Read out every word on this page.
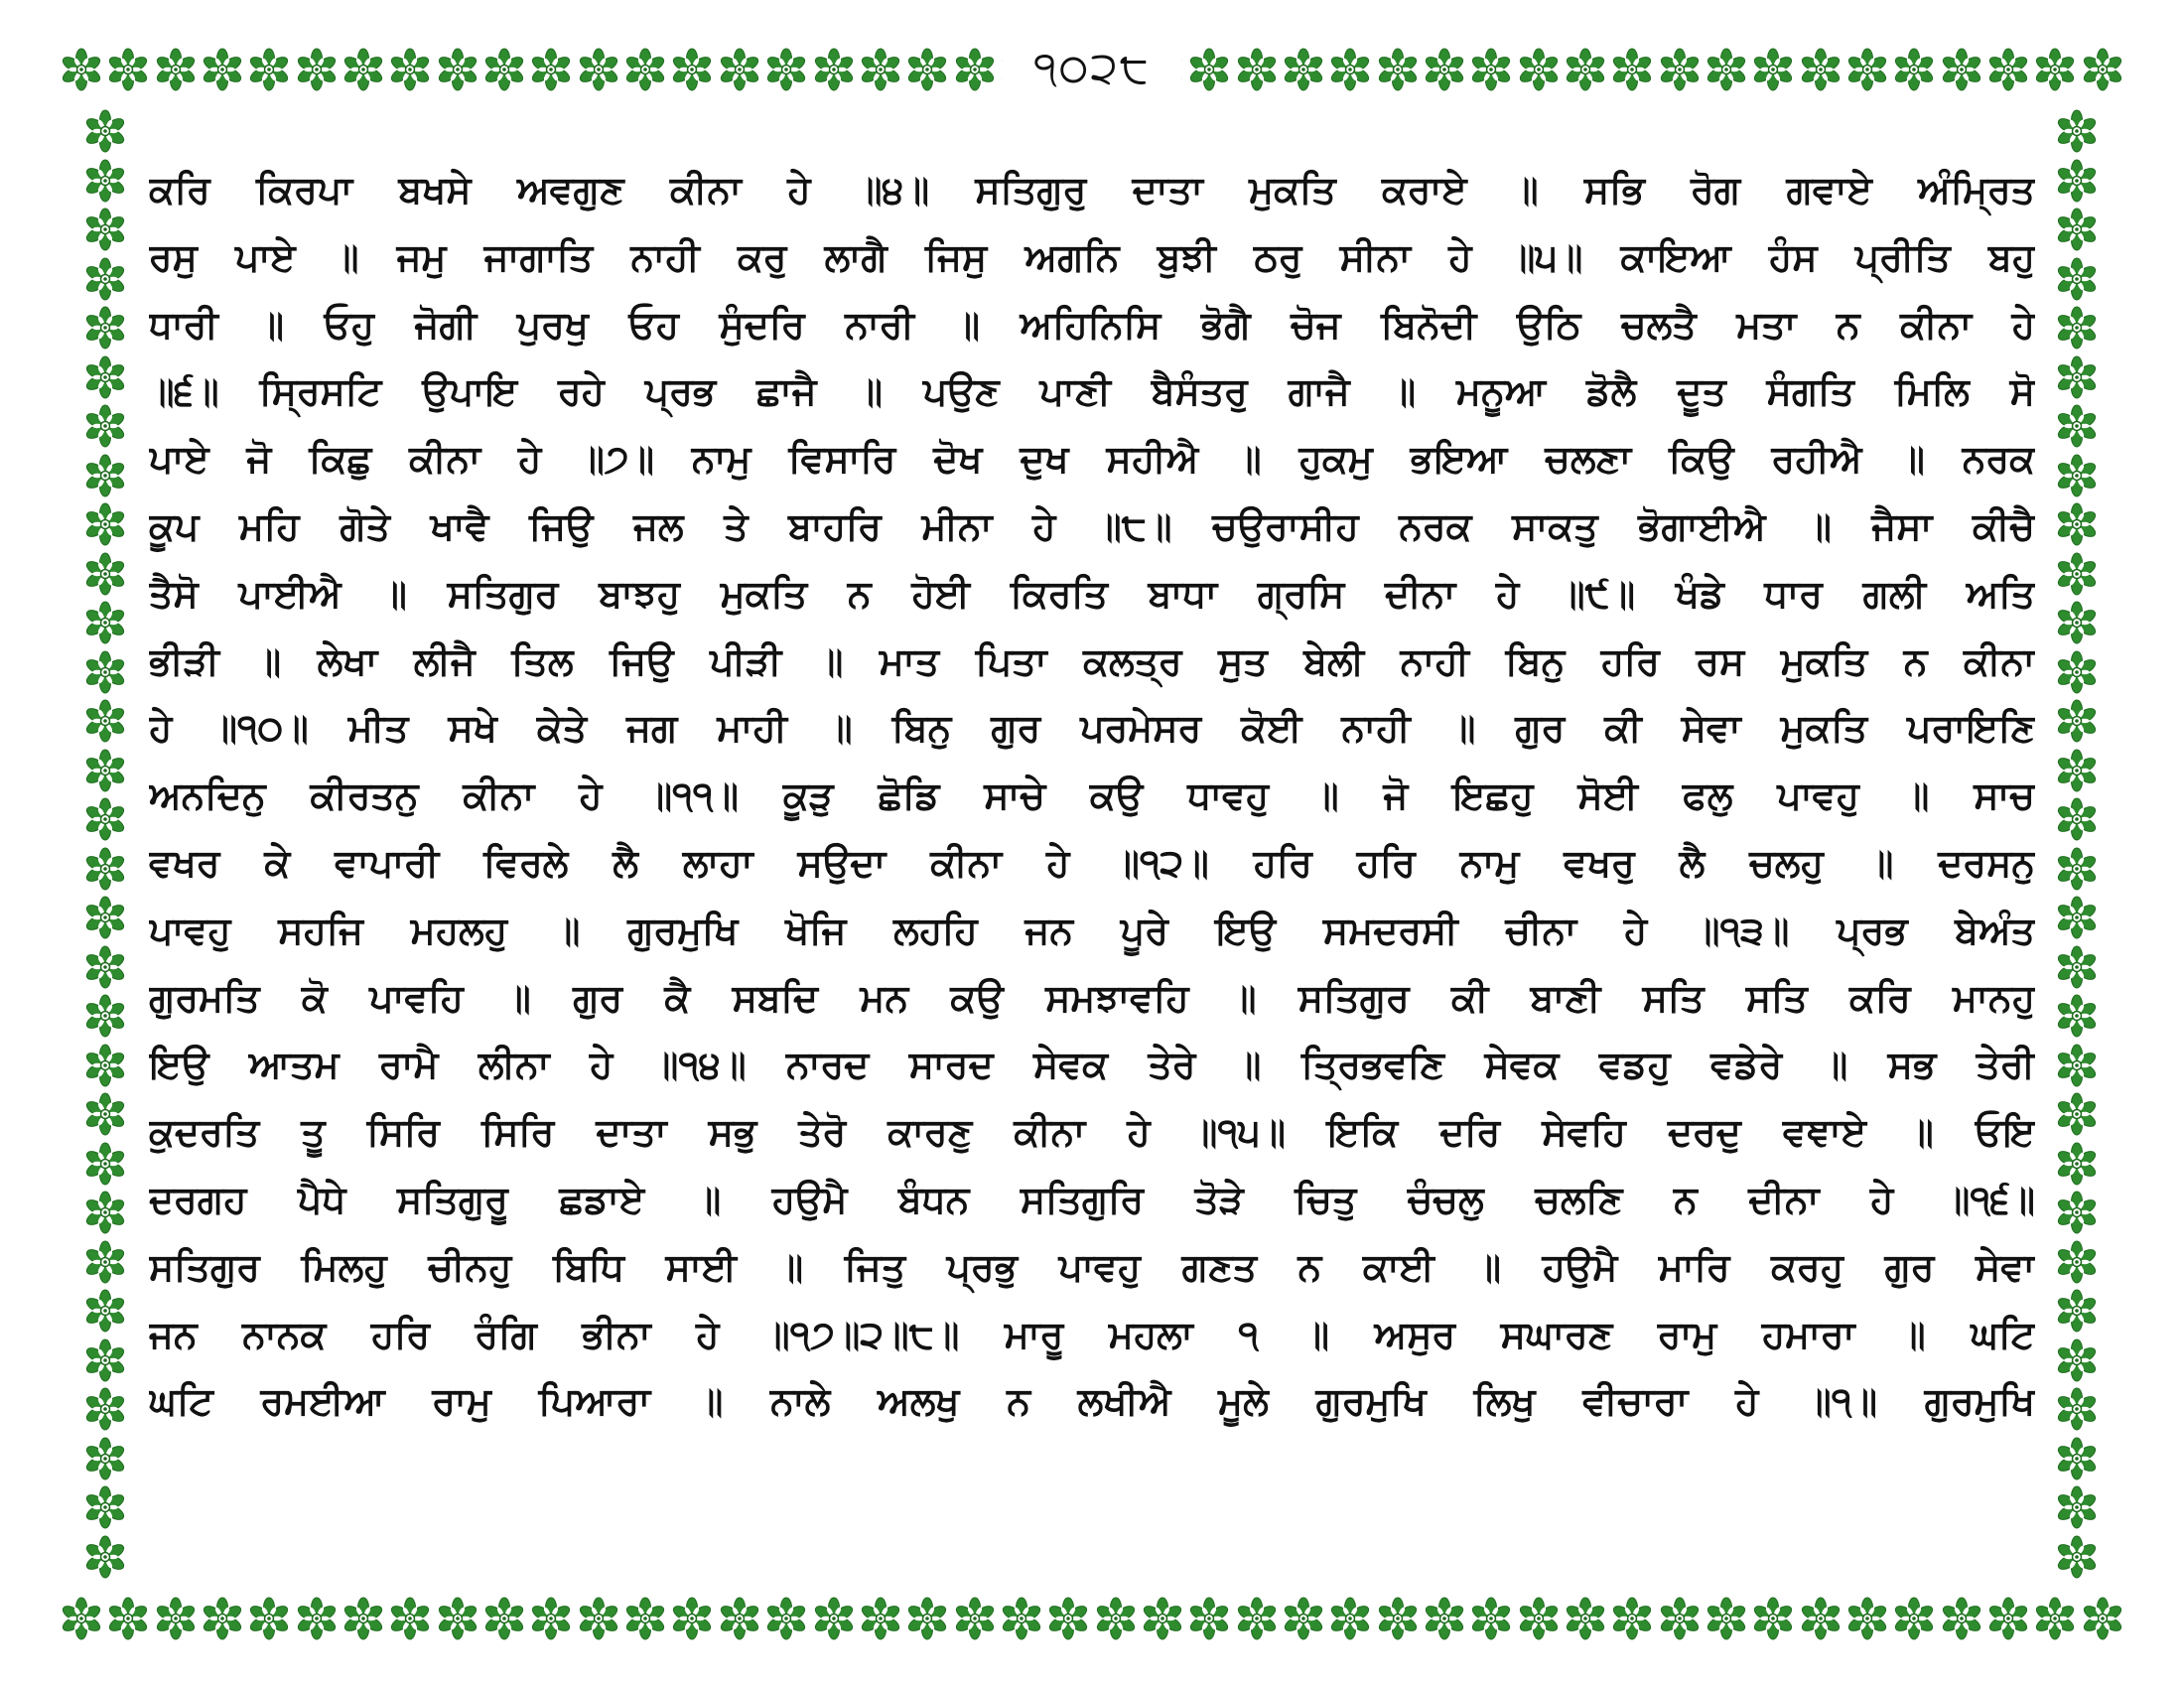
੧੦੨੮
ਕਰਿ ਕਿਰਪਾ ਬਖਸੇ ਅਵਗੁਣ ਕੀਨਾ ਹੇ ॥੪॥ ਸਤਿਗੁਰੁ ਦਾਤਾ ਮੁਕਤਿ ਕਰਾਏ ॥ ਸਭਿ ਰੋਗ ਗਵਾਏ ਅੰਮ੍ਰਿਤ
ਰਸੁ ਪਾਏ ॥ ਜਮੁ ਜਾਗਾਤਿ ਨਾਹੀ ਕਰੁ ਲਾਗੈ ਜਿਸੁ ਅਗਨਿ ਬੁਝੀ ਠਰੁ ਸੀਨਾ ਹੇ ॥੫॥ ਕਾਇਆ ਹੰਸ ਪ੍ਰੀਤਿ ਬਹੁ
ਧਾਰੀ ॥ ਓਹੁ ਜੋਗੀ ਪੁਰਖੁ ਓਹ ਸੁੰਦਰਿ ਨਾਰੀ ॥ ਅਹਿਨਿਸਿ ਭੋਗੈ ਚੋਜ ਬਿਨੋਦੀ ਉਠਿ ਚਲਤੈ ਮਤਾ ਨ ਕੀਨਾ ਹੇ
॥੬॥ ਸ੍ਰਿਸਟਿ ਉਪਾਇ ਰਹੇ ਪ੍ਰਭ ਛਾਜੈ ॥ ਪਉਣ ਪਾਣੀ ਬੈਸੰਤਰੁ ਗਾਜੈ ॥ ਮਨੂਆ ਡੋਲੈ ਦੂਤ ਸੰਗਤਿ ਮਿਲਿ ਸੋ
ਪਾਏ ਜੋ ਕਿਛੁ ਕੀਨਾ ਹੇ ॥੭॥ ਨਾਮੁ ਵਿਸਾਰਿ ਦੋਖ ਦੁਖ ਸਹੀਐ ॥ ਹੁਕਮੁ ਭਇਆ ਚਲਣਾ ਕਿਉ ਰਹੀਐ ॥ ਨਰਕ
ਕੂਪ ਮਹਿ ਗੋਤੇ ਖਾਵੈ ਜਿਉ ਜਲ ਤੇ ਬਾਹਰਿ ਮੀਨਾ ਹੇ ॥੮॥ ਚਉਰਾਸੀਹ ਨਰਕ ਸਾਕਤੁ ਭੋਗਾਈਐ ॥ ਜੈਸਾ ਕੀਚੈ
ਤੈਸੋ ਪਾਈਐ ॥ ਸਤਿਗੁਰ ਬਾਝਹੁ ਮੁਕਤਿ ਨ ਹੋਈ ਕਿਰਤਿ ਬਾਧਾ ਗ੍ਰਸਿ ਦੀਨਾ ਹੇ ॥੯॥ ਖੰਡੇ ਧਾਰ ਗਲੀ ਅਤਿ
ਭੀੜੀ ॥ ਲੇਖਾ ਲੀਜੈ ਤਿਲ ਜਿਉ ਪੀੜੀ ॥ ਮਾਤ ਪਿਤਾ ਕਲਤ੍ਰ ਸੁਤ ਬੇਲੀ ਨਾਹੀ ਬਿਨੁ ਹਰਿ ਰਸ ਮੁਕਤਿ ਨ ਕੀਨਾ
ਹੇ ॥੧੦॥ ਮੀਤ ਸਖੇ ਕੇਤੇ ਜਗ ਮਾਹੀ ॥ ਬਿਨੁ ਗੁਰ ਪਰਮੇਸਰ ਕੋਈ ਨਾਹੀ ॥ ਗੁਰ ਕੀ ਸੇਵਾ ਮੁਕਤਿ ਪਰਾਇਣਿ
ਅਨਦਿਨੁ ਕੀਰਤਨੁ ਕੀਨਾ ਹੇ ॥੧੧॥ ਕੂੜੁ ਛੋਡਿ ਸਾਚੇ ਕਉ ਧਾਵਹੁ ॥ ਜੋ ਇਛਹੁ ਸੋਈ ਫਲੁ ਪਾਵਹੁ ॥ ਸਾਚ
ਵਖਰ ਕੇ ਵਾਪਾਰੀ ਵਿਰਲੇ ਲੈ ਲਾਹਾ ਸਉਦਾ ਕੀਨਾ ਹੇ ॥੧੨॥ ਹਰਿ ਹਰਿ ਨਾਮੁ ਵਖਰੁ ਲੈ ਚਲਹੁ ॥ ਦਰਸਨੁ
ਪਾਵਹੁ ਸਹਜਿ ਮਹਲਹੁ ॥ ਗੁਰਮੁਖਿ ਖੋਜਿ ਲਹਹਿ ਜਨ ਪੂਰੇ ਇਉ ਸਮਦਰਸੀ ਚੀਨਾ ਹੇ ॥੧੩॥ ਪ੍ਰਭ ਬੇਅੰਤ
ਗੁਰਮਤਿ ਕੋ ਪਾਵਹਿ ॥ ਗੁਰ ਕੈ ਸਬਦਿ ਮਨ ਕਉ ਸਮਝਾਵਹਿ ॥ ਸਤਿਗੁਰ ਕੀ ਬਾਣੀ ਸਤਿ ਸਤਿ ਕਰਿ ਮਾਨਹੁ
ਇਉ ਆਤਮ ਰਾਮੈ ਲੀਨਾ ਹੇ ॥੧੪॥ ਨਾਰਦ ਸਾਰਦ ਸੇਵਕ ਤੇਰੇ ॥ ਤ੍ਰਿਭਵਣਿ ਸੇਵਕ ਵਡਹੁ ਵਡੇਰੇ ॥ ਸਭ ਤੇਰੀ
ਕੁਦਰਤਿ ਤੂ ਸਿਰਿ ਸਿਰਿ ਦਾਤਾ ਸਭੁ ਤੇਰੋ ਕਾਰਣੁ ਕੀਨਾ ਹੇ ॥੧੫॥ ਇਕਿ ਦਰਿ ਸੇਵਹਿ ਦਰਦੁ ਵਞਾਏ ॥ ਓਇ
ਦਰਗਹ ਪੈਧੇ ਸਤਿਗੁਰੂ ਛਡਾਏ ॥ ਹਉਮੈ ਬੰਧਨ ਸਤਿਗੁਰਿ ਤੋੜੇ ਚਿਤੁ ਚੰਚਲੁ ਚਲਣਿ ਨ ਦੀਨਾ ਹੇ ॥੧੬॥
ਸਤਿਗੁਰ ਮਿਲਹੁ ਚੀਨਹੁ ਬਿਧਿ ਸਾਈ ॥ ਜਿਤੁ ਪ੍ਰਭੁ ਪਾਵਹੁ ਗਣਤ ਨ ਕਾਈ ॥ ਹਉਮੈ ਮਾਰਿ ਕਰਹੁ ਗੁਰ ਸੇਵਾ
ਜਨ ਨਾਨਕ ਹਰਿ ਰੰਗਿ ਭੀਨਾ ਹੇ ॥੧੭॥੨॥੮॥ ਮਾਰੂ ਮਹਲਾ ੧ ॥ ਅਸੁਰ ਸਘਾਰਣ ਰਾਮੁ ਹਮਾਰਾ ॥ ਘਟਿ
ਘਟਿ ਰਮਈਆ ਰਾਮੁ ਪਿਆਰਾ ॥ ਨਾਲੇ ਅਲਖੁ ਨ ਲਖੀਐ ਮੂਲੇ ਗੁਰਮੁਖਿ ਲਿਖੁ ਵੀਚਾਰਾ ਹੇ ॥੧॥ ਗੁਰਮੁਖਿ
